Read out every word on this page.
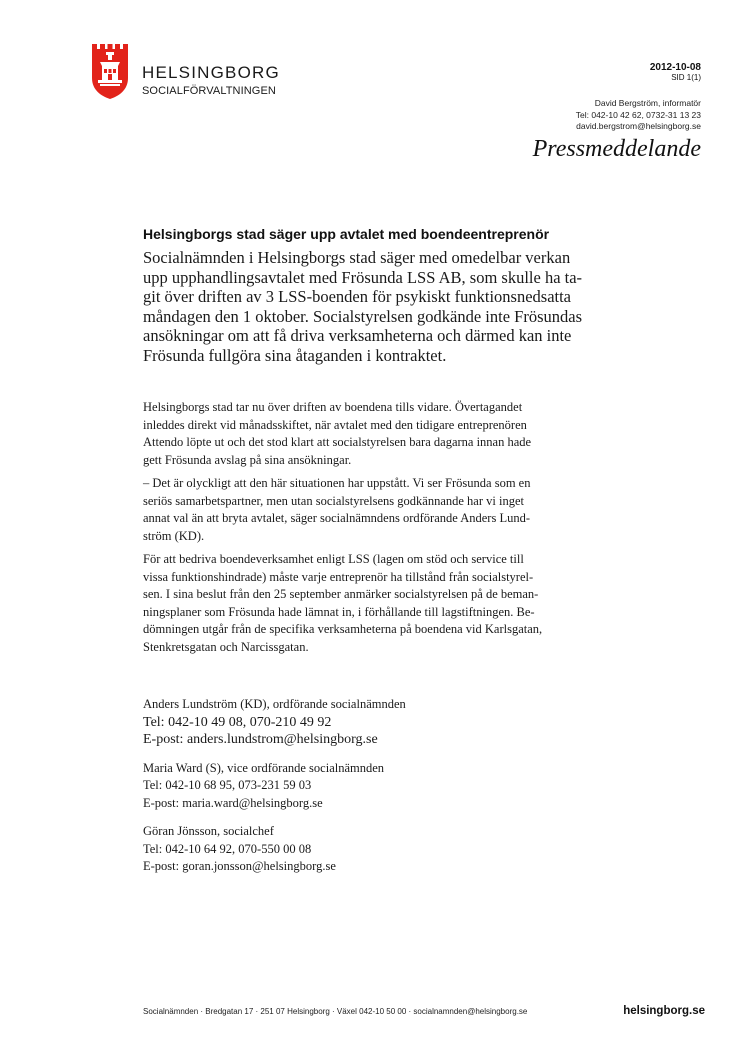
HELSINGBORG
SOCIALFÖRVALTNINGEN
2012-10-08
SID 1(1)
David Bergström, informatör
Tel: 042-10 42 62, 0732-31 13 23
david.bergstrom@helsingborg.se
Pressmeddelande
Helsingborgs stad säger upp avtalet med boendeentreprenör
Socialnämnden i Helsingborgs stad säger med omedelbar verkan
upp upphandlingsavtalet med Frösunda LSS AB, som skulle ha ta-
git över driften av 3 LSS-boenden för psykiskt funktionsnedsatta
måndagen den 1 oktober. Socialstyrelsen godkände inte Frösundas
ansökningar om att få driva verksamheterna och därmed kan inte
Frösunda fullgöra sina åtaganden i kontraktet.

Helsingborgs stad tar nu över driften av boendena tills vidare. Övertagandet
inleddes direkt vid månadsskiftet, när avtalet med den tidigare entreprenören
Attendo löpte ut och det stod klart att socialstyrelsen bara dagarna innan hade
gett Frösunda avslag på sina ansökningar.

– Det är olyckligt att den här situationen har uppstått. Vi ser Frösunda som en
seriös samarbetspartner, men utan socialstyrelsens godkännande har vi inget
annat val än att bryta avtalet, säger socialnämndens ordförande Anders Lund-
ström (KD).

För att bedriva boendeverksamhet enligt LSS (lagen om stöd och service till
vissa funktionshindrade) måste varje entreprenör ha tillstånd från socialstyrel-
sen. I sina beslut från den 25 september anmärker socialstyrelsen på de beman-
ningsplaner som Frösunda hade lämnat in, i förhållande till lagstiftningen. Be-
dömningen utgår från de specifika verksamheterna på boendena vid Karlsgatan,
Stenkretsgatan och Narcissgatan.

Anders Lundström (KD), ordförande socialnämnden
Tel: 042-10 49 08, 070-210 49 92
E-post: anders.lundstrom@helsingborg.se
Maria Ward (S), vice ordförande socialnämnden
Tel: 042-10 68 95, 073-231 59 03
E-post: maria.ward@helsingborg.se
Göran Jönsson, socialchef
Tel: 042-10 64 92, 070-550 00 08
E-post: goran.jonsson@helsingborg.se
Socialnämnden · Bredgatan 17 · 251 07 Helsingborg · Växel 042-10 50 00 · socialnamnden@helsingborg.se	helsingborg.se
